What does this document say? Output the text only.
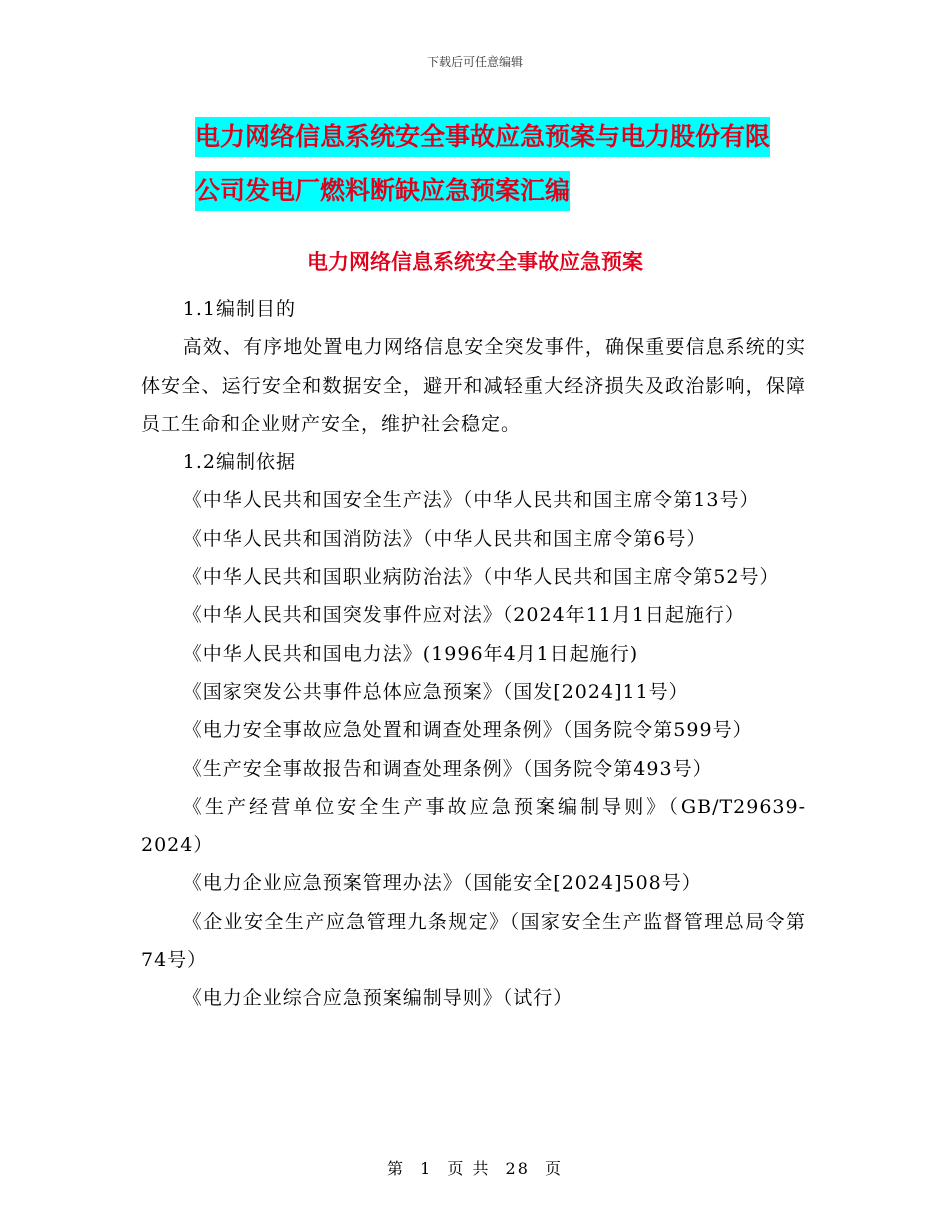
下载后可任意编辑
电力网络信息系统安全事故应急预案与电力股份有限
公司发电厂燃料断缺应急预案汇编
电力网络信息系统安全事故应急预案

1.1编制目的

高效、有序地处置电力网络信息安全突发事件，确保重要信息系统的实体安全、运行安全和数据安全，避开和减轻重大经济损失及政治影响，保障员工生命和企业财产安全，维护社会稳定。

1.2编制依据

《中华人民共和国安全生产法》（中华人民共和国主席令第13号）

《中华人民共和国消防法》（中华人民共和国主席令第6号）

《中华人民共和国职业病防治法》（中华人民共和国主席令第52号）

《中华人民共和国突发事件应对法》（2024年11月1日起施行）

《中华人民共和国电力法》(1996年4月1日起施行)

《国家突发公共事件总体应急预案》（国发[2024]11号）

《电力安全事故应急处置和调查处理条例》（国务院令第599号）

《生产安全事故报告和调查处理条例》（国务院令第493号）

《生产经营单位安全生产事故应急预案编制导则》（GB/T29639-2024）

《电力企业应急预案管理办法》（国能安全[2024]508号）

《企业安全生产应急管理九条规定》（国家安全生产监督管理总局令第74号）

《电力企业综合应急预案编制导则》（试行）

第 1 页 共 28 页
